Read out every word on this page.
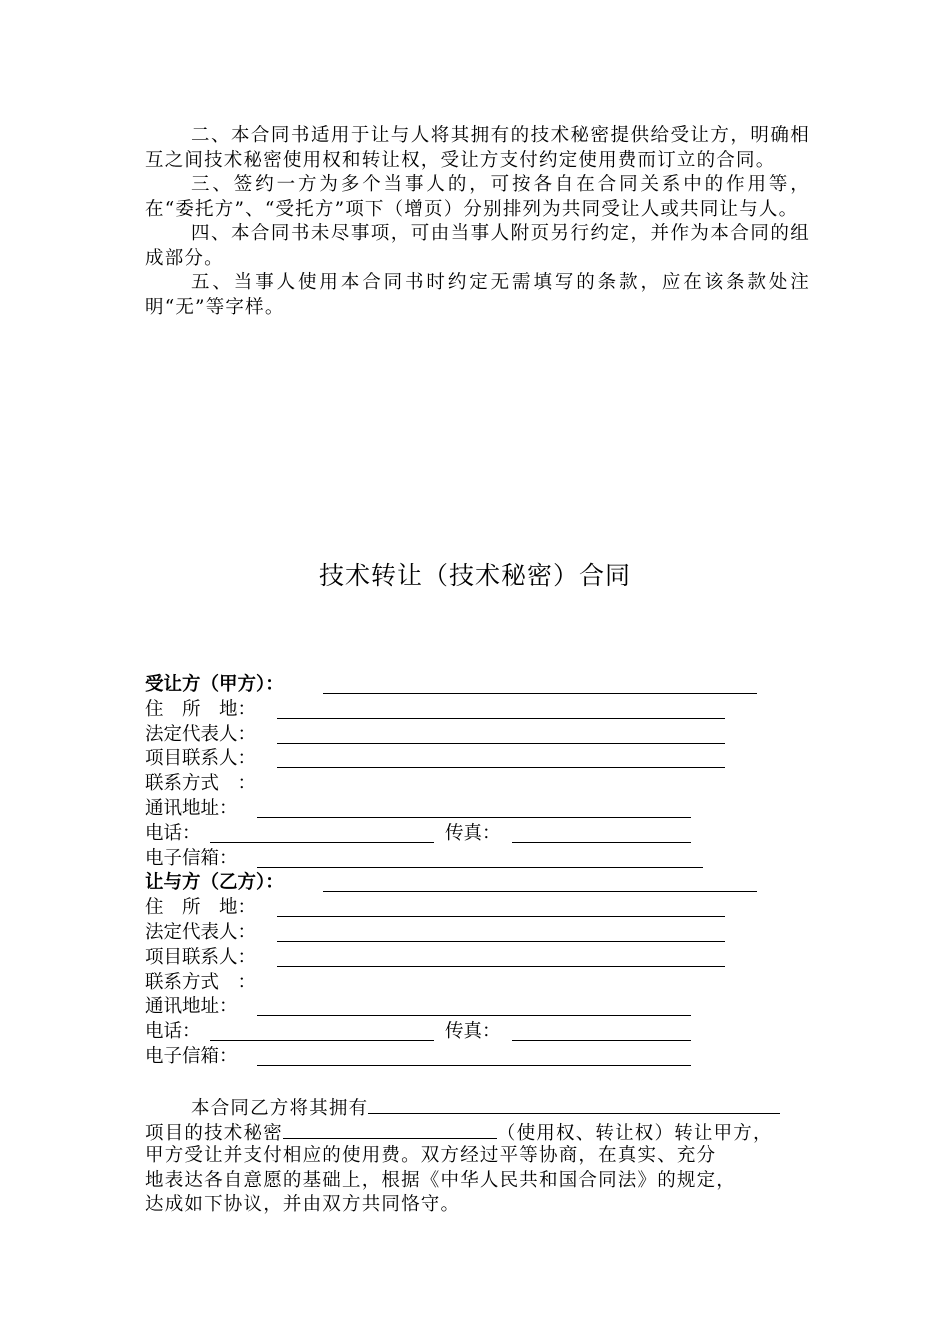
二、本合同书适用于让与人将其拥有的技术秘密提供给受让方，明确相互之间技术秘密使用权和转让权，受让方支付约定使用费而订立的合同。

三、签约一方为多个当事人的，可按各自在合同关系中的作用等，在“委托方”、“受托方”项下（增页）分别排列为共同受让人或共同让与人。

四、本合同书未尽事项，可由当事人附页另行约定，并作为本合同的组成部分。

五、当事人使用本合同书时约定无需填写的条款，应在该条款处注明“无”等字样。

技术转让（技术秘密）合同
受让方（甲方）：
住　所　地：
法定代表人：
项目联系人：
联系方式　：
通讯地址：
电话：	传真：
电子信箱：
让与方（乙方）：
住　所　地：
法定代表人：
项目联系人：
联系方式　：
通讯地址：
电话：	传真：
电子信箱：
本合同乙方将其拥有
项目的技术秘密	（使用权、转让权）转让甲方，
甲方受让并支付相应的使用费。双方经过平等协商，在真实、充分
地表达各自意愿的基础上，根据《中华人民共和国合同法》的规定，
达成如下协议，并由双方共同恪守。
